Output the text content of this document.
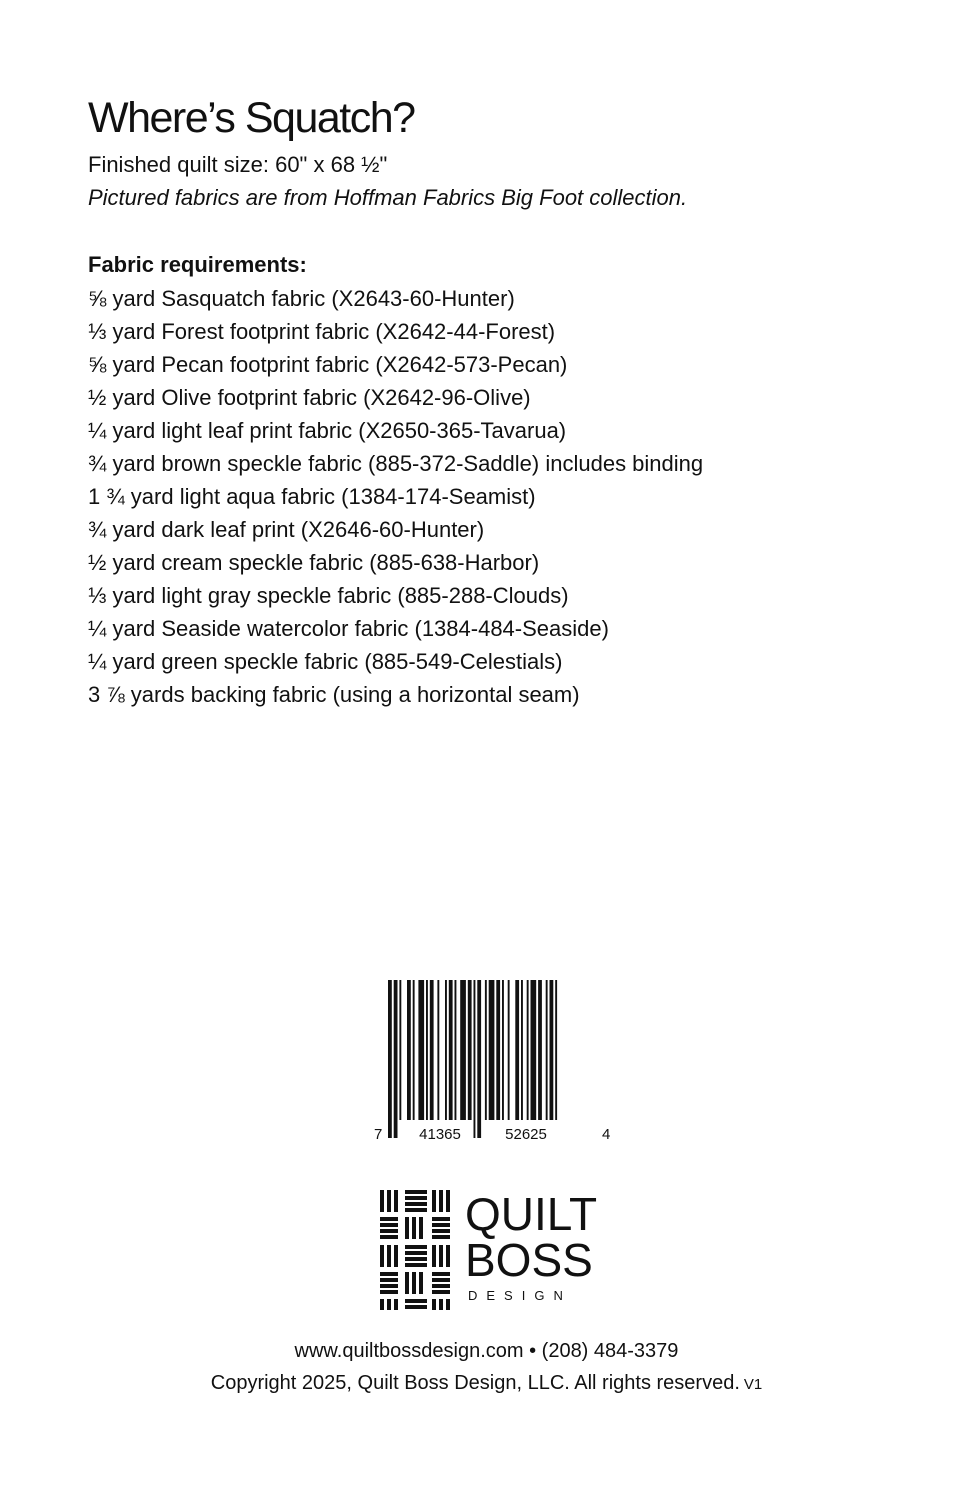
Where’s Squatch?
Finished quilt size: 60" x 68 ½"
Pictured fabrics are from Hoffman Fabrics Big Foot collection.
Fabric requirements:
⅝ yard Sasquatch fabric (X2643-60-Hunter)
⅓ yard Forest footprint fabric (X2642-44-Forest)
⅝ yard Pecan footprint fabric (X2642-573-Pecan)
½ yard Olive footprint fabric (X2642-96-Olive)
¼ yard light leaf print fabric (X2650-365-Tavarua)
¾ yard brown speckle fabric (885-372-Saddle) includes binding
1 ¾ yard light aqua fabric (1384-174-Seamist)
¾ yard dark leaf print (X2646-60-Hunter)
½ yard cream speckle fabric (885-638-Harbor)
⅓ yard light gray speckle fabric (885-288-Clouds)
¼ yard Seaside watercolor fabric (1384-484-Seaside)
¼ yard green speckle fabric (885-549-Celestials)
3 ⅞ yards backing fabric (using a horizontal seam)
7 41365	52625	4
QUILT
BOSS
DESIGN
www.quiltbossdesign.com • (208) 484-3379
Copyright 2025, Quilt Boss Design, LLC. All rights reserved. V1
